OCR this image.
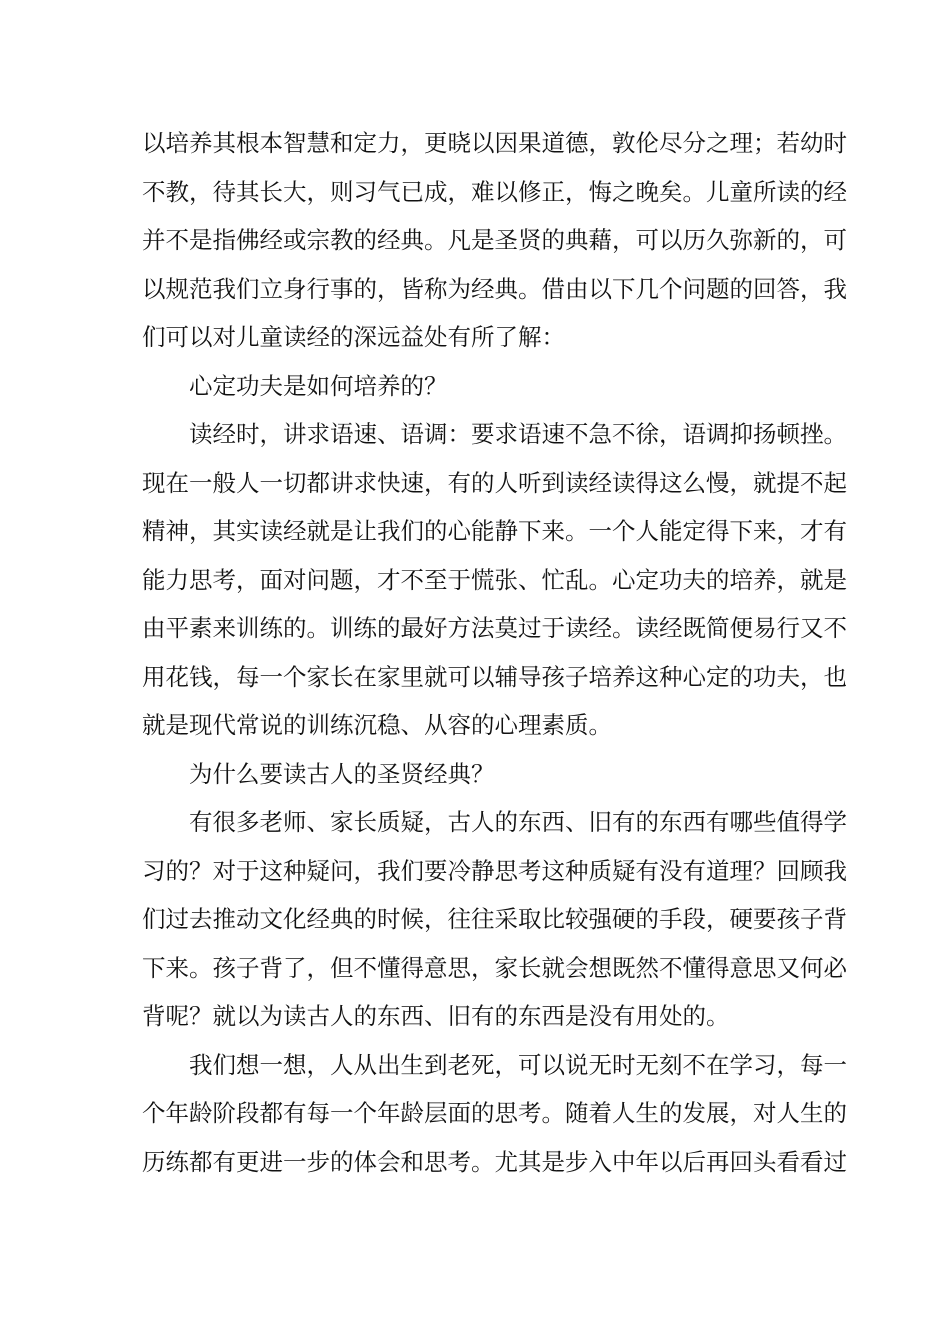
以培养其根本智慧和定力，更晓以因果道德，敦伦尽分之理；若幼时
不教，待其长大，则习气已成，难以修正，悔之晚矣。儿童所读的经
并不是指佛经或宗教的经典。凡是圣贤的典藉，可以历久弥新的，可
以规范我们立身行事的，皆称为经典。借由以下几个问题的回答，我
们可以对儿童读经的深远益处有所了解：
心定功夫是如何培养的？
读经时，讲求语速、语调：要求语速不急不徐，语调抑扬顿挫。
现在一般人一切都讲求快速，有的人听到读经读得这么慢，就提不起
精神，其实读经就是让我们的心能静下来。一个人能定得下来，才有
能力思考，面对问题，才不至于慌张、忙乱。心定功夫的培养，就是
由平素来训练的。训练的最好方法莫过于读经。读经既简便易行又不
用花钱，每一个家长在家里就可以辅导孩子培养这种心定的功夫，也
就是现代常说的训练沉稳、从容的心理素质。
为什么要读古人的圣贤经典？
有很多老师、家长质疑，古人的东西、旧有的东西有哪些值得学
习的？对于这种疑问，我们要冷静思考这种质疑有没有道理？回顾我
们过去推动文化经典的时候，往往采取比较强硬的手段，硬要孩子背
下来。孩子背了，但不懂得意思，家长就会想既然不懂得意思又何必
背呢？就以为读古人的东西、旧有的东西是没有用处的。
我们想一想，人从出生到老死，可以说无时无刻不在学习，每一
个年龄阶段都有每一个年龄层面的思考。随着人生的发展，对人生的
历练都有更进一步的体会和思考。尤其是步入中年以后再回头看看过
